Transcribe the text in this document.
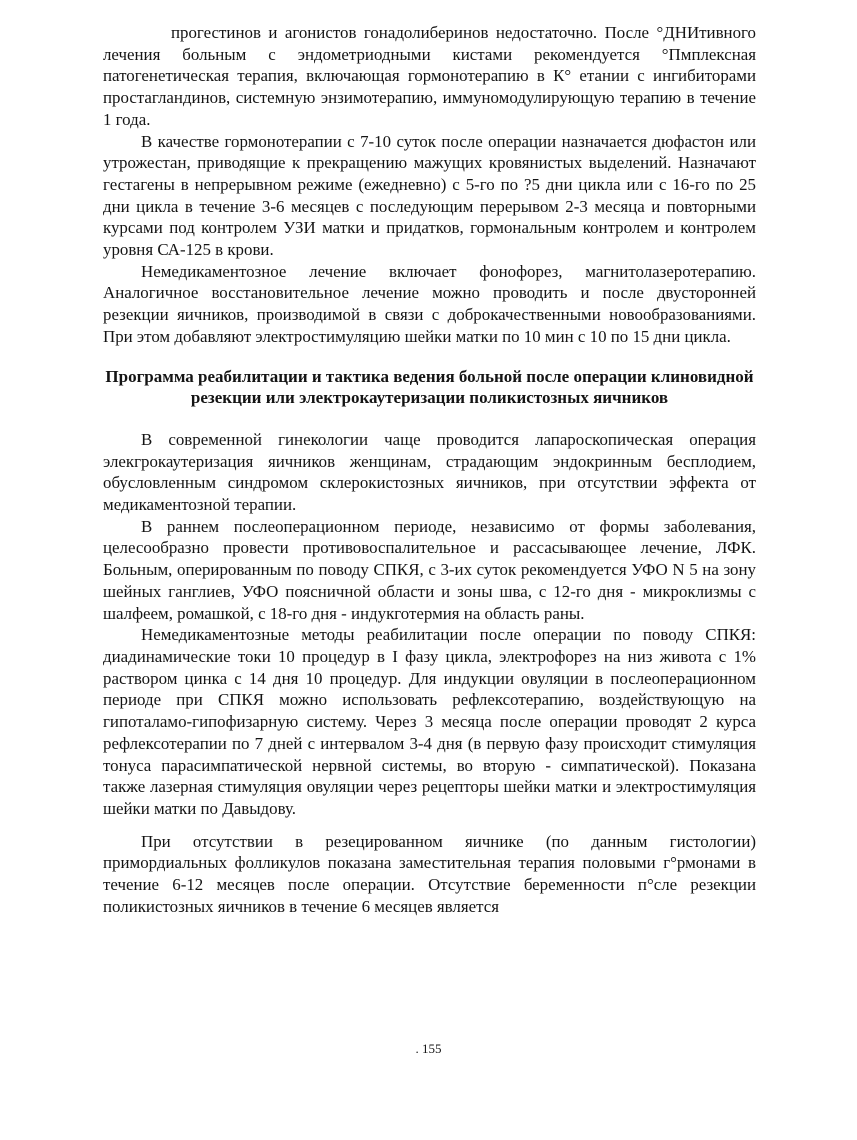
прогестинов и агонистов гонадолиберинов недостаточно. После °ДНИтивного лечения больным с эндометриодными кистами рекомендуется °Пмплексная патогенетическая терапия, включающая гормонотерапию в К° етании с ингибиторами простагландинов, системную энзимотерапию, иммуномодулирующую терапию в течение 1 года.

В качестве гормонотерапии с 7-10 суток после операции назначается дюфастон или утрожестан, приводящие к прекращению мажущих кровянистых выделений. Назначают гестагены в непрерывном режиме (ежедневно) с 5-го по ?5 дни цикла или с 16-го по 25 дни цикла в течение 3-6 месяцев с последующим перерывом 2-3 месяца и повторными курсами под контролем УЗИ матки и придатков, гормональным контролем и контролем уровня СА-125 в крови.

Немедикаментозное лечение включает фонофорез, магнитолазеротерапию. Аналогичное восстановительное лечение можно проводить и после двусторонней резекции яичников, производимой в связи с доброкачественными новообразованиями. При этом добавляют электростимуляцию шейки матки по 10 мин с 10 по 15 дни цикла.

Программа реабилитации и тактика ведения больной после операции клиновидной резекции или электрокаутеризации поликистозных яичников

В современной гинекологии чаще проводится лапароскопическая операция элекгрокаутеризация яичников женщинам, страдающим эндокринным бесплодием, обусловленным синдромом склерокистозных яичников, при отсутствии эффекта от медикаментозной терапии.

В раннем послеоперационном периоде, независимо от формы заболевания, целесообразно провести противовоспалительное и рассасывающее лечение, ЛФК. Больным, оперированным по поводу СПКЯ, с 3-их суток рекомендуется УФО N 5 на зону шейных ганглиев, УФО поясничной области и зоны шва, с 12-го дня - микроклизмы с шалфеем, ромашкой, с 18-го дня - индукготермия на область раны.

Немедикаментозные методы реабилитации после операции по поводу СПКЯ: диадинамические токи 10 процедур в I фазу цикла, электрофорез на низ живота с 1% раствором цинка с 14 дня 10 процедур. Для индукции овуляции в послеоперационном периоде при СПКЯ можно использовать рефлексотерапию, воздействующую на гипоталамо-гипофизарную систему. Через 3 месяца после операции проводят 2 курса рефлексотерапии по 7 дней с интервалом 3-4 дня (в первую фазу происходит стимуляция тонуса парасимпатической нервной системы, во вторую - симпатической). Показана также лазерная стимуляция овуляции через рецепторы шейки матки и электростимуляция шейки матки по Давыдову.

При отсутствии в резецированном яичнике (по данным гистологии) примордиальных фолликулов показана заместительная терапия половыми г°рмонами в течение 6-12 месяцев после операции. Отсутствие беременности п°сле резекции поликистозных яичников в течение 6 месяцев является

. 155
